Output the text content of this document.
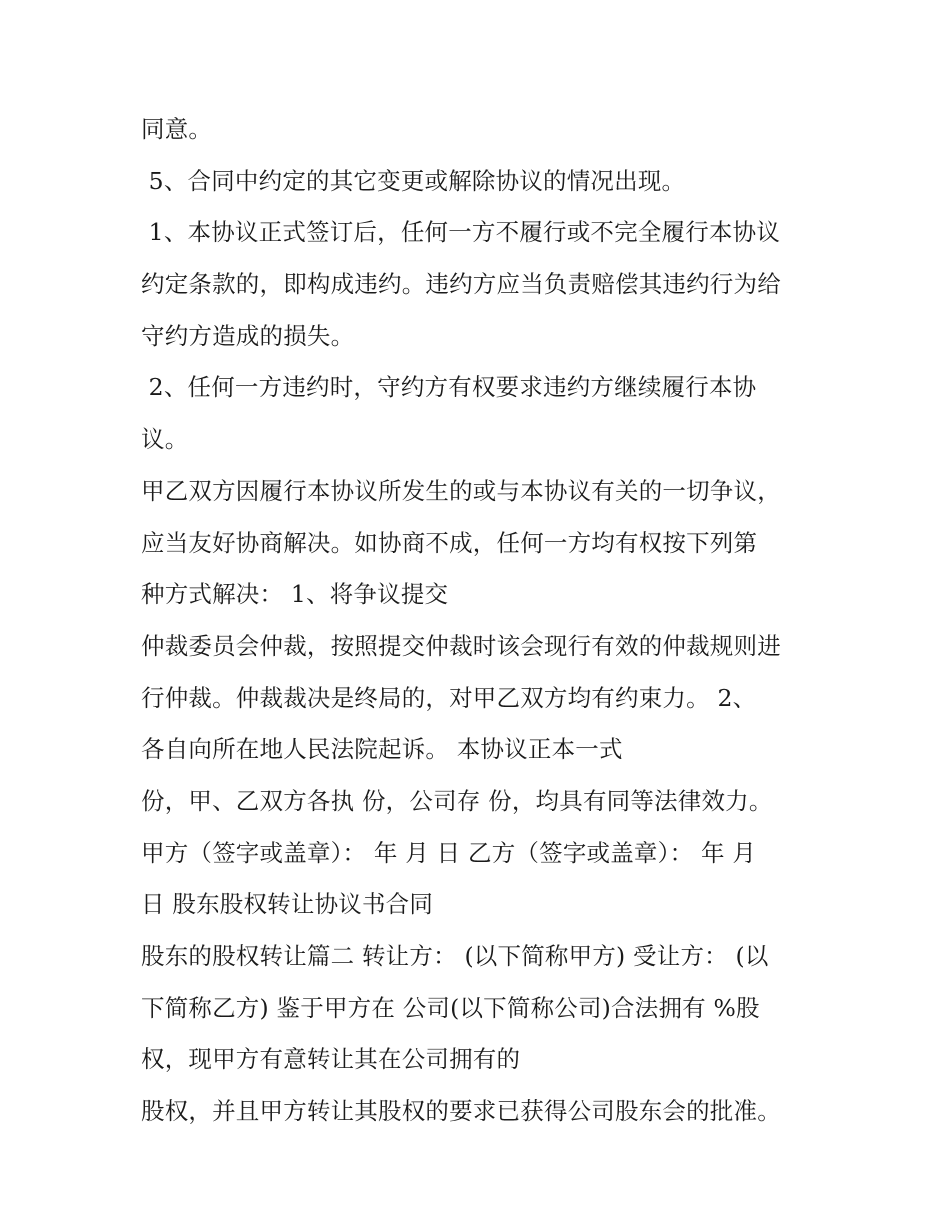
同意。
5、合同中约定的其它变更或解除协议的情况出现。
1、本协议正式签订后，任何一方不履行或不完全履行本协议
约定条款的，即构成违约。违约方应当负责赔偿其违约行为给
守约方造成的损失。
2、任何一方违约时，守约方有权要求违约方继续履行本协
议。
甲乙双方因履行本协议所发生的或与本协议有关的一切争议，
应当友好协商解决。如协商不成，任何一方均有权按下列第
种方式解决： 1、将争议提交
仲裁委员会仲裁，按照提交仲裁时该会现行有效的仲裁规则进
行仲裁。仲裁裁决是终局的，对甲乙双方均有约束力。 2、
各自向所在地人民法院起诉。 本协议正本一式
份，甲、乙双方各执 份，公司存 份，均具有同等法律效力。
甲方（签字或盖章）： 年 月 日 乙方（签字或盖章）： 年 月
日 股东股权转让协议书合同
股东的股权转让篇二 转让方： (以下简称甲方) 受让方： (以
下简称乙方) 鉴于甲方在 公司(以下简称公司)合法拥有 %股
权，现甲方有意转让其在公司拥有的
股权，并且甲方转让其股权的要求已获得公司股东会的批准。
